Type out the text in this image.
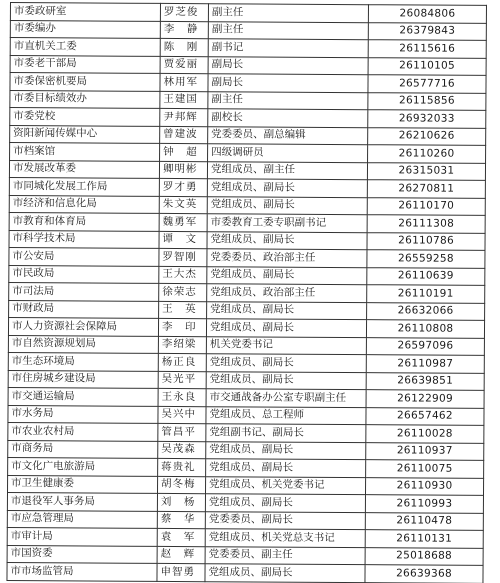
市委政研室	罗芝俊	副主任	26084806
市委编办	李　静	副主任	26379843
市直机关工委	陈　刚	副书记	26115616
市委老干部局	贾爱丽	副局长	26110105
市委保密机要局	林用军	副局长	26577716
市委目标绩效办	王建国	副主任	26115856
市委党校	尹邦辉	副校长	26932033
资阳新闻传媒中心	曾建波	党委委员、副总编辑	26210626
市档案馆	钟　超	四级调研员	26110260
市发展改革委	卿明彬	党组成员、副主任	26315031
市同城化发展工作局	罗才勇	党组成员、副局长	26270811
市经济和信息化局	朱文英	党组成员、副局长	26110170
市教育和体育局	魏勇军	市委教育工委专职副书记	26111308
市科学技术局	谭　文	党组成员、副局长	26110786
市公安局	罗智刚	党委委员、政治部主任	26559258
市民政局	王大杰	党组成员、副局长	26110639
市司法局	徐荣志	党组成员、政治部主任	26110191
市财政局	王　英	党组成员、副局长	26632066
市人力资源社会保障局	李　印	党组成员、副局长	26110808
市自然资源规划局	李绍梁	机关党委书记	26597096
市生态环境局	杨正良	党组成员、副局长	26110987
市住房城乡建设局	吴光平	党组成员、副局长	26639851
市交通运输局	王永良	市交通战备办公室专职副主任	26122909
市水务局	吴兴中	党组成员、总工程师	26657462
市农业农村局	管昌平	党组副书记、副局长	26110028
市商务局	吴茂森	党组成员、副局长	26110937
市文化广电旅游局	蒋贵礼	党组成员、副局长	26110075
市卫生健康委	胡冬梅	党组成员、机关党委书记	26110930
市退役军人事务局	刘　杨	党组成员、副局长	26110993
市应急管理局	蔡　华	党委委员、副局长	26110478
市审计局	袁　军	党组成员、机关党总支书记	26110131
市国资委	赵　辉	党委委员、副主任	25018688
市市场监管局	申智勇	党组成员、副局长	26639368
